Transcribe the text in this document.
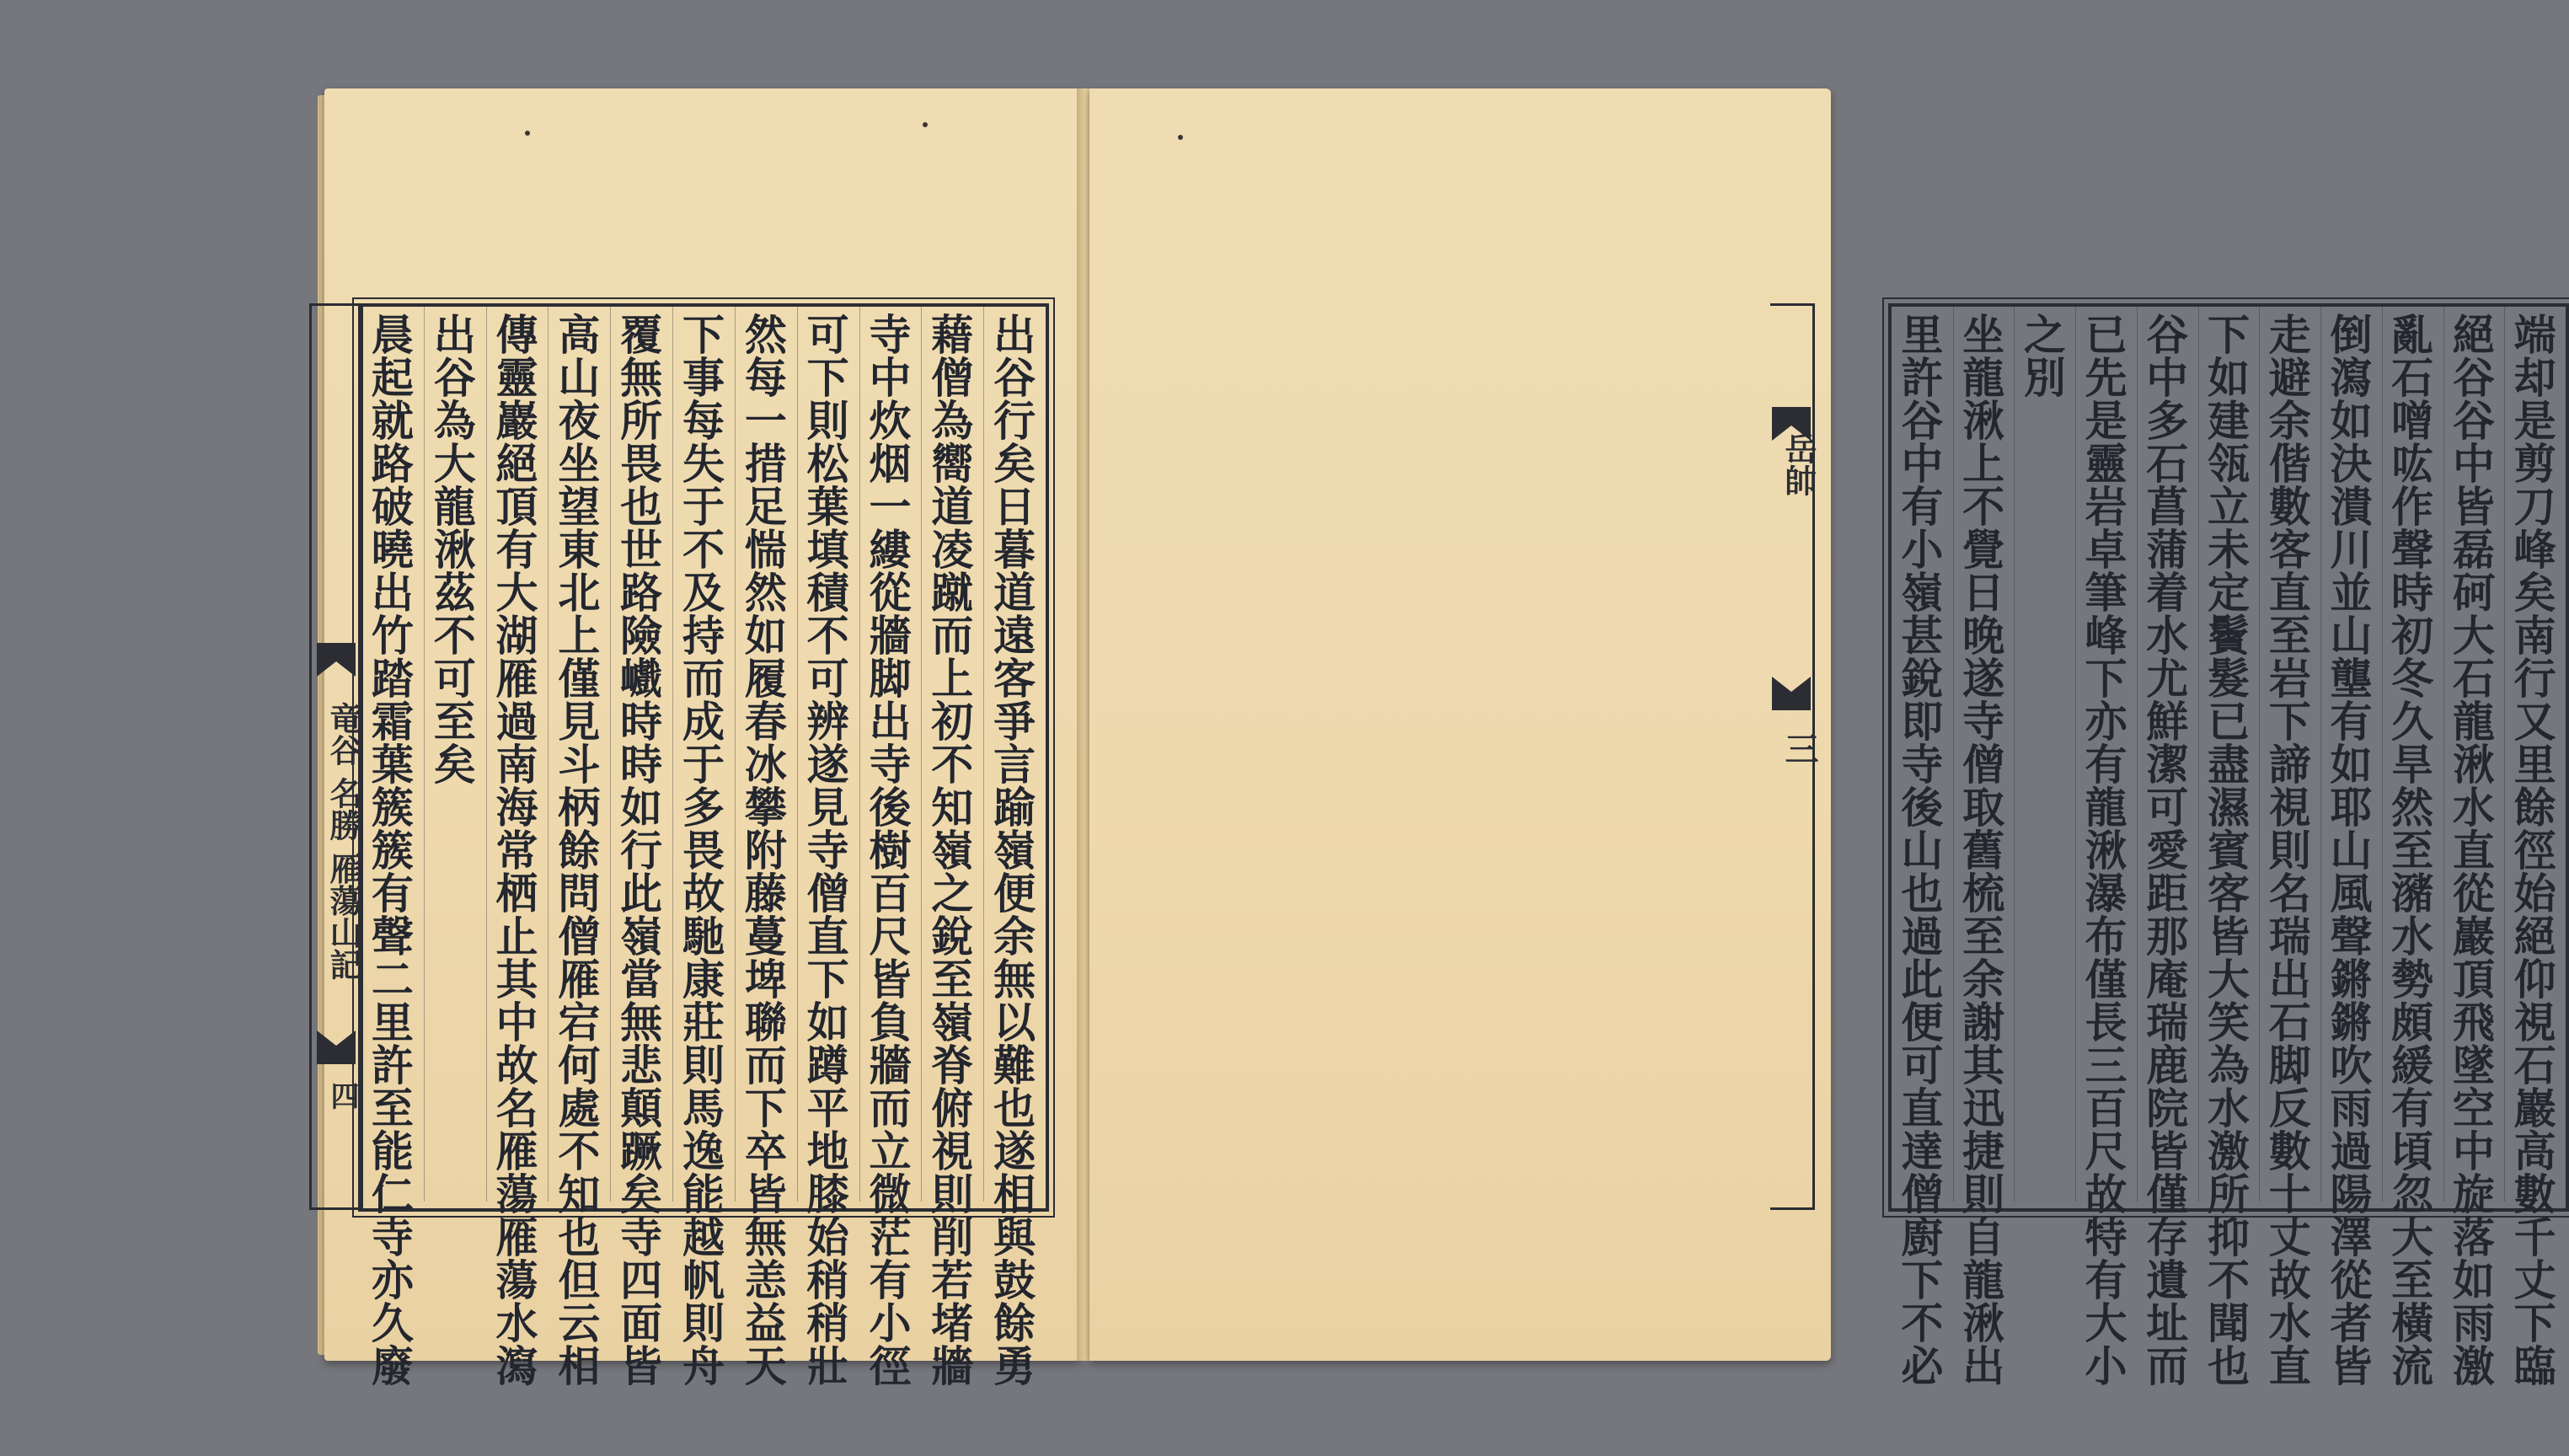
竜谷 名勝 雁蕩山記
四
出
谷
行
矣
日
暮
道
遠
客
爭
言
踰
嶺
便
余
無
以
難
也
遂
相
與
鼓
餘
勇
藉
僧
為
嚮
道
凌
蹴
而
上
初
不
知
嶺
之
銳
至
嶺
脊
俯
視
則
削
若
堵
牆
寺
中
炊
烟
一
縷
從
牆
脚
出
寺
後
樹
百
尺
皆
負
牆
而
立
微
茫
有
小
徑
可
下
則
松
葉
填
積
不
可
辨
遂
見
寺
僧
直
下
如
蹲
平
地
膝
始
稍
稍
壯
然
每
一
措
足
惴
然
如
履
春
冰
攀
附
藤
蔓
埤
聯
而
下
卒
皆
無
恙
益
天
下
事
每
失
于
不
及
持
而
成
于
多
畏
故
馳
康
莊
則
馬
逸
能
越
帆
則
舟
覆
無
所
畏
也
世
路
險
巇
時
時
如
行
此
嶺
當
無
悲
顛
蹶
矣
寺
四
面
皆
高
山
夜
坐
望
東
北
上
僅
見
斗
柄
餘
問
僧
雁
宕
何
處
不
知
也
但
云
相
傳
靈
巖
絕
頂
有
大
湖
雁
過
南
海
常
栖
止
其
中
故
名
雁
蕩
雁
蕩
水
瀉
出
谷
為
大
龍
湫
茲
不
可
至
矣
晨
起
就
路
破
曉
出
竹
踏
霜
葉
簇
簇
有
聲
二
里
許
至
能
仁
寺
亦
久
廢
端
却
是
剪
刀
峰
矣
南
行
又
里
餘
徑
始
絕
仰
視
石
巖
高
數
千
丈
下
臨
絕
谷
谷
中
皆
磊
砢
大
石
龍
湫
水
直
從
巖
頂
飛
墜
空
中
旋
落
如
雨
激
亂
石
噌
吰
作
聲
時
初
冬
久
旱
然
至
瀦
水
勢
頗
緩
有
頃
忽
大
至
橫
流
倒
瀉
如
決
潰
川
並
山
壟
有
如
耶
山
風
聲
鏘
鏘
吹
雨
過
陽
澤
從
者
皆
走
避
余
偕
數
客
直
至
岩
下
諦
視
則
名
瑞
出
石
脚
反
數
十
丈
故
水
直
下
如
建
瓴
立
未
定
鬢
髮
已
盡
濕
賓
客
皆
大
笑
為
水
激
所
抑
不
聞
也
谷
中
多
石
菖
蒲
着
水
尤
鮮
潔
可
愛
距
那
庵
瑞
鹿
院
皆
僅
存
遺
址
而
已
先
是
靈
岩
卓
筆
峰
下
亦
有
龍
湫
瀑
布
僅
長
三
百
尺
故
特
有
大
小
之
別
坐
龍
湫
上
不
覺
日
晚
遂
寺
僧
取
舊
梳
至
余
謝
其
迅
捷
則
自
龍
湫
出
里
許
谷
中
有
小
嶺
甚
銳
即
寺
後
山
也
過
此
便
可
直
達
僧
廚
下
不
必
岳帥
三
